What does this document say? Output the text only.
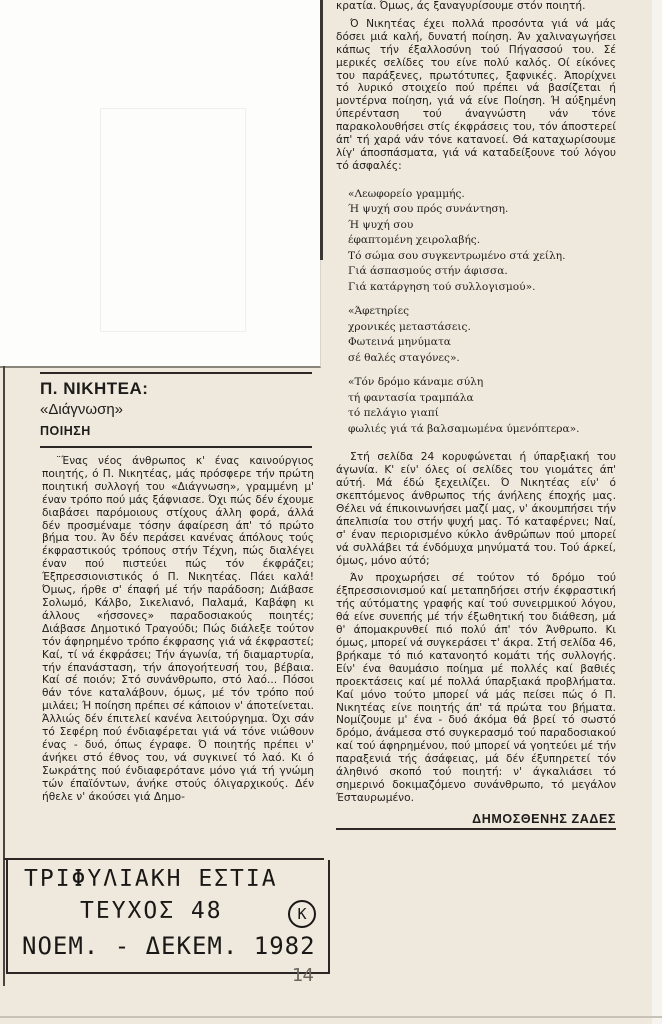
Π. ΝΙΚΗΤΕΑ:
«Διάγνωση»
ΠΟΙΗΣΗ

¨Ένας νέος άνθρωπος κ' ένας καινούργιος ποιητής, ό Π. Νικητέας, μάς πρόσφερε τήν πρώτη ποιητική συλλογή του «Διάγνωση», γραμμένη μ' έναν τρόπο πού μάς ξάφνιασε. Όχι πώς δέν έχουμε διαβάσει παρόμοιους στίχους άλλη φορά, άλλά δέν προσμέναμε τόσην άφαίρεση άπ' τό πρώτο βήμα του. Άν δέν περάσει κανένας άπόλους τούς έκφραστικούς τρόπους στήν Τέχνη, πώς διαλέγει έναν πού πιστεύει πώς τόν έκφράζει; Έξπρεσσιονιστικός ό Π. Νικητέας. Πάει καλά! Όμως, ήρθε σ' έπαφή μέ τήν παράδοση; Διάβασε Σολωμό, Κάλβο, Σικελιανό, Παλαμά, Καβάφη κι άλλους «ήσσονες» παραδοσιακούς ποιητές; Διάβασε Δημοτικό Τραγούδι; Πώς διάλεξε τούτον τόν άφηρημένο τρόπο έκφρασης γιά νά έκφραστεί; Καί, τί νά έκφράσει; Τήν άγωνία, τή διαμαρτυρία, τήν έπανάσταση, τήν άπογοήτευσή του, βέβαια. Καί σέ ποιόν; Στό συνάνθρωπο, στό λαό... Πόσοι θάν τόνε καταλάβουν, όμως, μέ τόν τρόπο πού μιλάει; Ή ποίηση πρέπει σέ κάποιον ν' άποτείνεται. Άλλιώς δέν έπιτελεί κανένα λειτούργημα. Όχι σάν τό Σεφέρη πού ένδιαφέρεται γιά νά τόνε νιώθουν ένας - δυό, όπως έγραφε. Ό ποιητής πρέπει ν' άνήκει στό έθνος του, νά συγκινεί τό λαό. Κι ό Σωκράτης πού ένδιαφερότανε μόνο γιά τή γνώμη τών έπαϊόντων, άνήκε στούς όλιγαρχικούς. Δέν ήθελε ν' άκούσει γιά Δημο-

κρατία. Όμως, άς ξαναγυρίσουμε στόν ποιητή.

Ό Νικητέας έχει πολλά προσόντα γιά νά μάς δόσει μιά καλή, δυνατή ποίηση. Άν χαλιναγωγήσει κάπως τήν έξαλλοσύνη τού Πήγασσού του. Σέ μερικές σελίδες του είνε πολύ καλός. Οί είκόνες του παράξενες, πρωτότυπες, ξαφνικές. Άπορίχνει τό λυρικό στοιχείο πού πρέπει νά βασίζεται ή μοντέρνα ποίηση, γιά νά είνε Ποίηση. Ή αύξημένη ύπερένταση τού άναγνώστη νάν τόνε παρακολουθήσει στίς έκφράσεις του, τόν άποστερεί άπ' τή χαρά νάν τόνε κατανοεί. Θά καταχωρίσουμε λίγ' άποσπάσματα, γιά νά καταδείξουνε τού λόγου τό άσφαλές:

«Λεωφορείο γραμμής.
Ή ψυχή σου πρός συνάντηση.
Ή ψυχή σου
έφαπτομένη χειρολαβής.
Τό σώμα σου συγκεντρωμένο στά χείλη.
Γιά άσπασμούς στήν άφισσα.
Γιά κατάργηση τού συλλογισμού».
«Άφετηρίες
χρονικές μεταστάσεις.
Φωτεινά μηνύματα
σέ θαλές σταγόνες».
«Τόν δρόμο κάναμε σύλη
τή φαντασία τραμπάλα
τό πελάγιο γιαπί
φωλιές γιά τά βαλσαμωμένα ύμενόπτερα».

Στή σελίδα 24 κορυφώνεται ή ύπαρξιακή του άγωνία. Κ' είν' όλες οί σελίδες του γιομάτες άπ' αύτή. Μά έδώ ξεχειλίζει. Ό Νικητέας είν' ό σκεπτόμενος άνθρωπος τής άνήλεης έποχής μας. Θέλει νά έπικοινωνήσει μαζί μας, ν' άκουμπήσει τήν άπελπισία του στήν ψυχή μας. Τό καταφέρνει; Ναί, σ' έναν περιορισμένο κύκλο άνθρώπων πού μπορεί νά συλλάβει τά ένδόμυχα μηνύματά του. Τού άρκεί, όμως, μόνο αύτό;

Άν προχωρήσει σέ τούτον τό δρόμο τού έξπρεσσιονισμού καί μεταπηδήσει στήν έκφραστική τής αύτόματης γραφής καί τού συνειρμικού λόγου, θά είνε συνεπής μέ τήν έξωθητική του διάθεση, μά θ' άπομακρυνθεί πιό πολύ άπ' τόν Άνθρωπο. Κι όμως, μπορεί νά συγκεράσει τ' άκρα. Στή σελίδα 46, βρήκαμε τό πιό κατανοητό κομάτι τής συλλογής. Είν' ένα θαυμάσιο ποίημα μέ πολλές καί βαθιές προεκτάσεις καί μέ πολλά ύπαρξιακά προβλήματα. Καί μόνο τούτο μπορεί νά μάς πείσει πώς ό Π. Νικητέας είνε ποιητής άπ' τά πρώτα του βήματα. Νομίζουμε μ' ένα - δυό άκόμα θά βρεί τό σωστό δρόμο, άνάμεσα στό συγκερασμό τού παραδοσιακού καί τού άφηρημένου, πού μπορεί νά γοητεύει μέ τήν παραξενιά τής άσάφειας, μά δέν έξυπηρετεί τόν άληθινό σκοπό τού ποιητή: ν' άγκαλιάσει τό σημερινό δοκιμαζόμενο συνάνθρωπο, τό μεγάλον Έσταυρωμένο.

ΔΗΜΟΣΘΕΝΗΣ ΖΑΔΕΣ
ΤΡΙΦΥΛΙΑΚΗ ΕΣΤΙΑ
ΤΕΥΧΟΣ 48	K
ΝΟΕΜ. - ΔΕΚΕΜ. 1982
14
